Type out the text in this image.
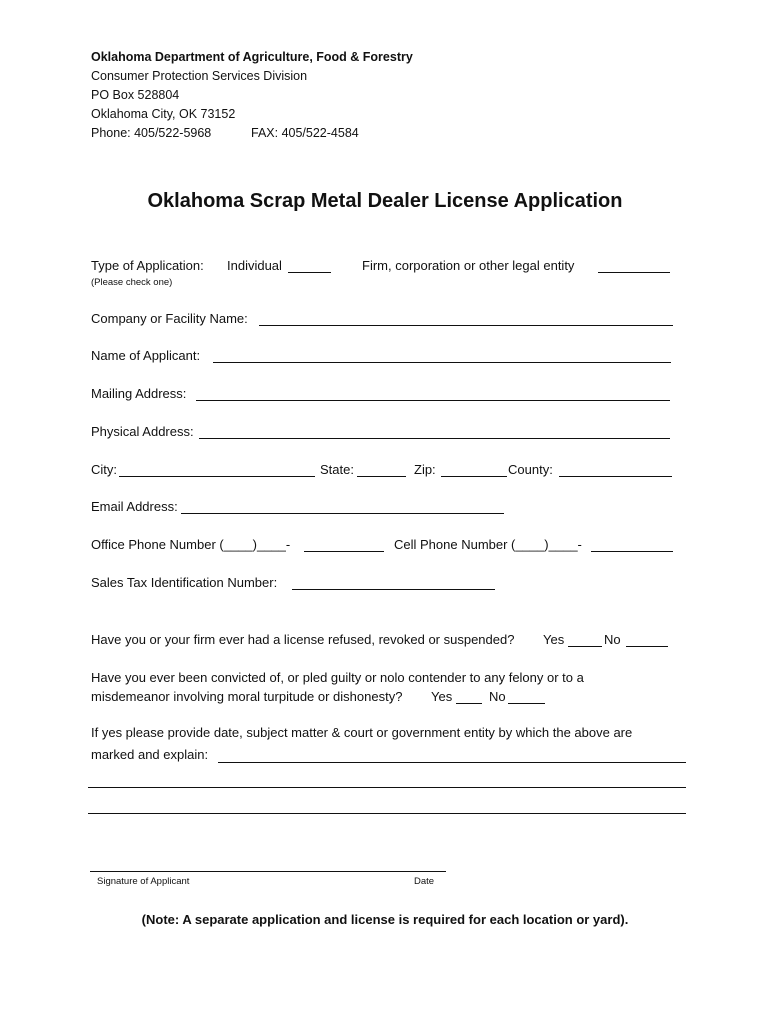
Oklahoma Department of Agriculture, Food & Forestry
Consumer Protection Services Division
PO Box 528804
Oklahoma City, OK 73152
Phone: 405/522-5968	FAX: 405/522-4584
Oklahoma Scrap Metal Dealer License Application
Type of Application: Individual	Firm, corporation or other legal entity
(Please check one)
Company or Facility Name:
Name of Applicant:
Mailing Address:
Physical Address:
City:	State:	Zip:	County:
Email Address:
Office Phone Number (____)____-	Cell Phone Number (____)____-
Sales Tax Identification Number:
Have you or your firm ever had a license refused, revoked or suspended? Yes	No
Have you ever been convicted of, or pled guilty or nolo contender to any felony or to a
misdemeanor involving moral turpitude or dishonesty? Yes	No
If yes please provide date, subject matter & court or government entity by which the above are
marked and explain:
Signature of Applicant	Date
(Note: A separate application and license is required for each location or yard).
